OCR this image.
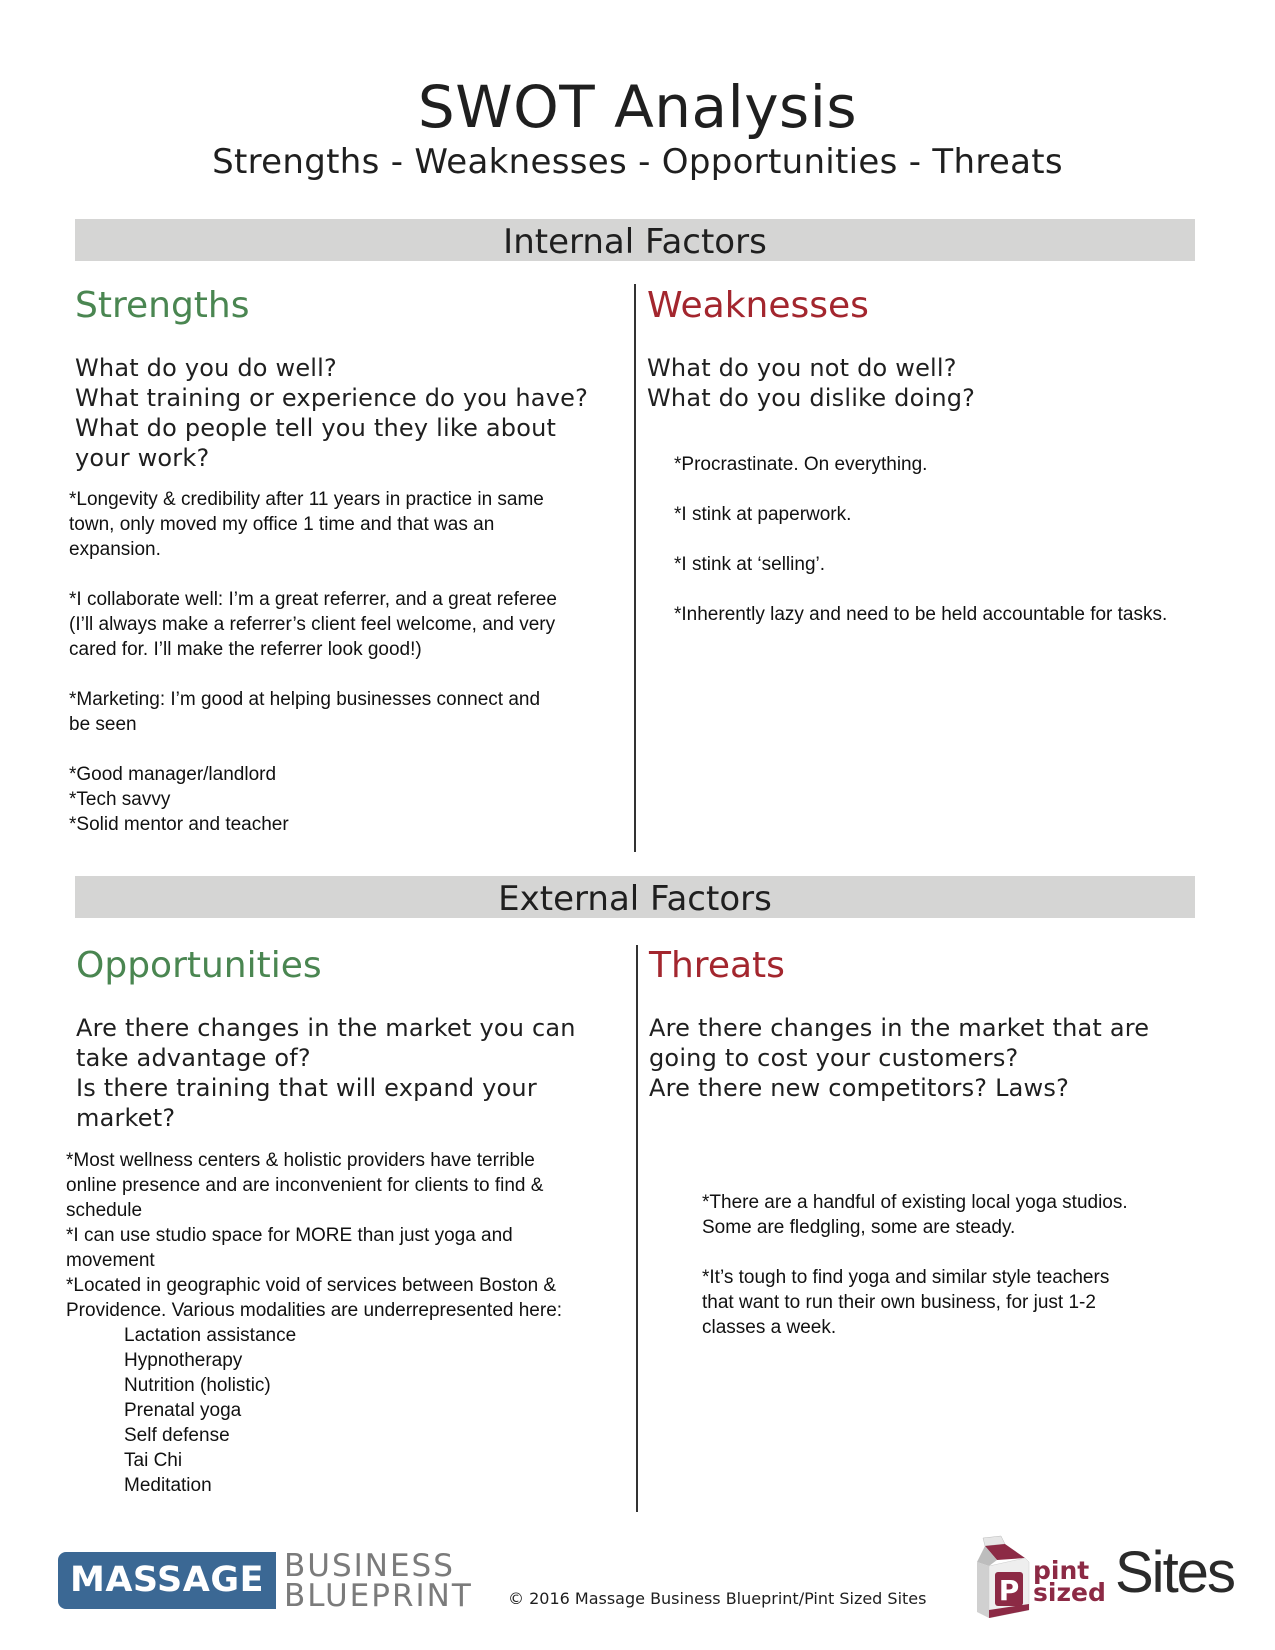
SWOT Analysis
Strengths - Weaknesses - Opportunities - Threats
Internal Factors
Strengths
What do you do well?
What training or experience do you have?
What do people tell you they like about
your work?

*Longevity & credibility after 11 years in practice in same

town, only moved my office 1 time and that was an

expansion.

*I collaborate well: I’m a great referrer, and a great referee

(I’ll always make a referrer’s client feel welcome, and very

cared for. I’ll make the referrer look good!)

*Marketing: I’m good at helping businesses connect and

be seen

*Good manager/landlord

*Tech savvy

*Solid mentor and teacher

Weaknesses
What do you not do well?
What do you dislike doing?

*Procrastinate. On everything.

*I stink at paperwork.

*I stink at ‘selling’.

*Inherently lazy and need to be held accountable for tasks.

External Factors
Opportunities
Are there changes in the market you can
take advantage of?
Is there training that will expand your
market?

*Most wellness centers & holistic providers have terrible

online presence and are inconvenient for clients to find &

schedule

*I can use studio space for MORE than just yoga and

movement

*Located in geographic void of services between Boston &

Providence. Various modalities are underrepresented here:

Lactation assistance

Hypnotherapy

Nutrition (holistic)

Prenatal yoga

Self defense

Tai Chi

Meditation

Threats
Are there changes in the market that are
going to cost your customers?
Are there new competitors? Laws?

*There are a handful of existing local yoga studios.

Some are fledgling, some are steady.

*It’s tough to find yoga and similar style teachers

that want to run their own business, for just 1-2

classes a week.

MASSAGE BUSINESS
BLUEPRINT © 2016 Massage Business Blueprint/Pint Sized Sites	P
pint
sized Sites
